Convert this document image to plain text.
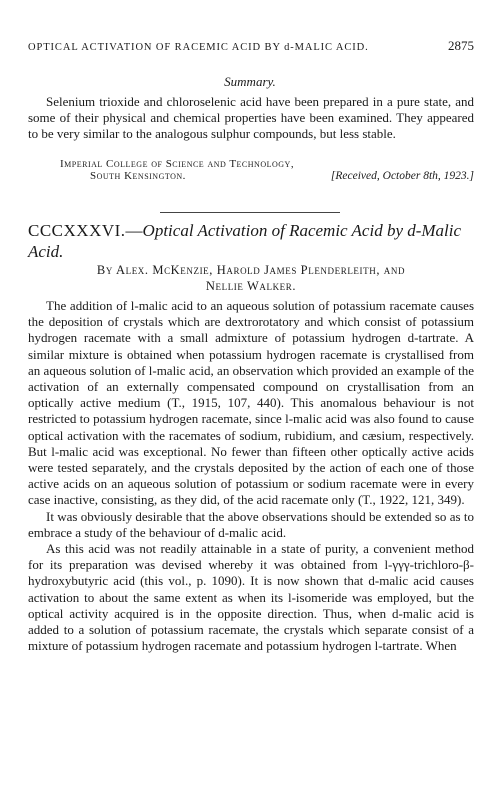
OPTICAL ACTIVATION OF RACEMIC ACID BY d-MALIC ACID.	2875
Summary.

Selenium trioxide and chloroselenic acid have been prepared in a pure state, and some of their physical and chemical properties have been examined. They appeared to be very similar to the analogous sulphur compounds, but less stable.

Imperial College of Science and Technology,
South Kensington.	[Received, October 8th, 1923.]
CCCXXXVI.—Optical Activation of Racemic Acid by d-Malic Acid.
By Alex. McKenzie, Harold James Plenderleith, and
Nellie Walker.

The addition of l-malic acid to an aqueous solution of potassium racemate causes the deposition of crystals which are dextrorotatory and which consist of potassium hydrogen racemate with a small admixture of potassium hydrogen d-tartrate. A similar mixture is obtained when potassium hydrogen racemate is crystallised from an aqueous solution of l-malic acid, an observation which provided an example of the activation of an externally compensated compound on crystallisation from an optically active medium (T., 1915, 107, 440). This anomalous behaviour is not restricted to potassium hydrogen racemate, since l-malic acid was also found to cause optical activation with the racemates of sodium, rubidium, and cæsium, respectively. But l-malic acid was exceptional. No fewer than fifteen other optically active acids were tested separately, and the crystals deposited by the action of each one of those active acids on an aqueous solution of potassium or sodium racemate were in every case inactive, consisting, as they did, of the acid racemate only (T., 1922, 121, 349).

It was obviously desirable that the above observations should be extended so as to embrace a study of the behaviour of d-malic acid.

As this acid was not readily attainable in a state of purity, a convenient method for its preparation was devised whereby it was obtained from l-γγγ-trichloro-β-hydroxybutyric acid (this vol., p. 1090). It is now shown that d-malic acid causes activation to about the same extent as when its l-isomeride was employed, but the optical activity acquired is in the opposite direction. Thus, when d-malic acid is added to a solution of potassium racemate, the crystals which separate consist of a mixture of potassium hydrogen racemate and potassium hydrogen l-tartrate. When
